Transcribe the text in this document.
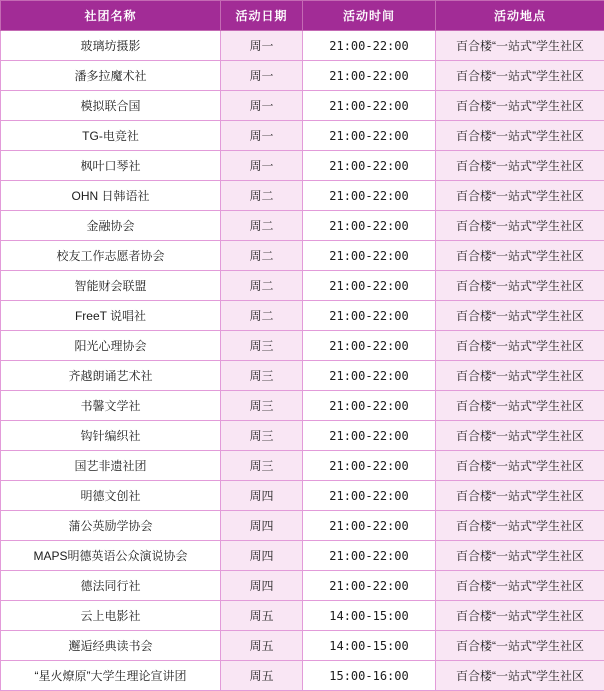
社团名称	活动日期	活动时间	活动地点
玻璃坊摄影	周一	21:00-22:00	百合楼“一站式”学生社区
潘多拉魔术社	周一	21:00-22:00	百合楼“一站式”学生社区
模拟联合国	周一	21:00-22:00	百合楼“一站式”学生社区
TG-电竞社	周一	21:00-22:00	百合楼“一站式”学生社区
枫叶口琴社	周一	21:00-22:00	百合楼“一站式”学生社区
OHN 日韩语社	周二	21:00-22:00	百合楼“一站式”学生社区
金融协会	周二	21:00-22:00	百合楼“一站式”学生社区
校友工作志愿者协会	周二	21:00-22:00	百合楼“一站式”学生社区
智能财会联盟	周二	21:00-22:00	百合楼“一站式”学生社区
FreeT 说唱社	周二	21:00-22:00	百合楼“一站式”学生社区
阳光心理协会	周三	21:00-22:00	百合楼“一站式”学生社区
齐越朗诵艺术社	周三	21:00-22:00	百合楼“一站式”学生社区
书馨文学社	周三	21:00-22:00	百合楼“一站式”学生社区
钩针编织社	周三	21:00-22:00	百合楼“一站式”学生社区
国艺非遗社团	周三	21:00-22:00	百合楼“一站式”学生社区
明德文创社	周四	21:00-22:00	百合楼“一站式”学生社区
蒲公英励学协会	周四	21:00-22:00	百合楼“一站式”学生社区
MAPS明德英语公众演说协会	周四	21:00-22:00	百合楼“一站式”学生社区
德法同行社	周四	21:00-22:00	百合楼“一站式”学生社区
云上电影社	周五	14:00-15:00	百合楼“一站式”学生社区
邂逅经典读书会	周五	14:00-15:00	百合楼“一站式”学生社区
“星火燎原”大学生理论宣讲团	周五	15:00-16:00	百合楼“一站式”学生社区
